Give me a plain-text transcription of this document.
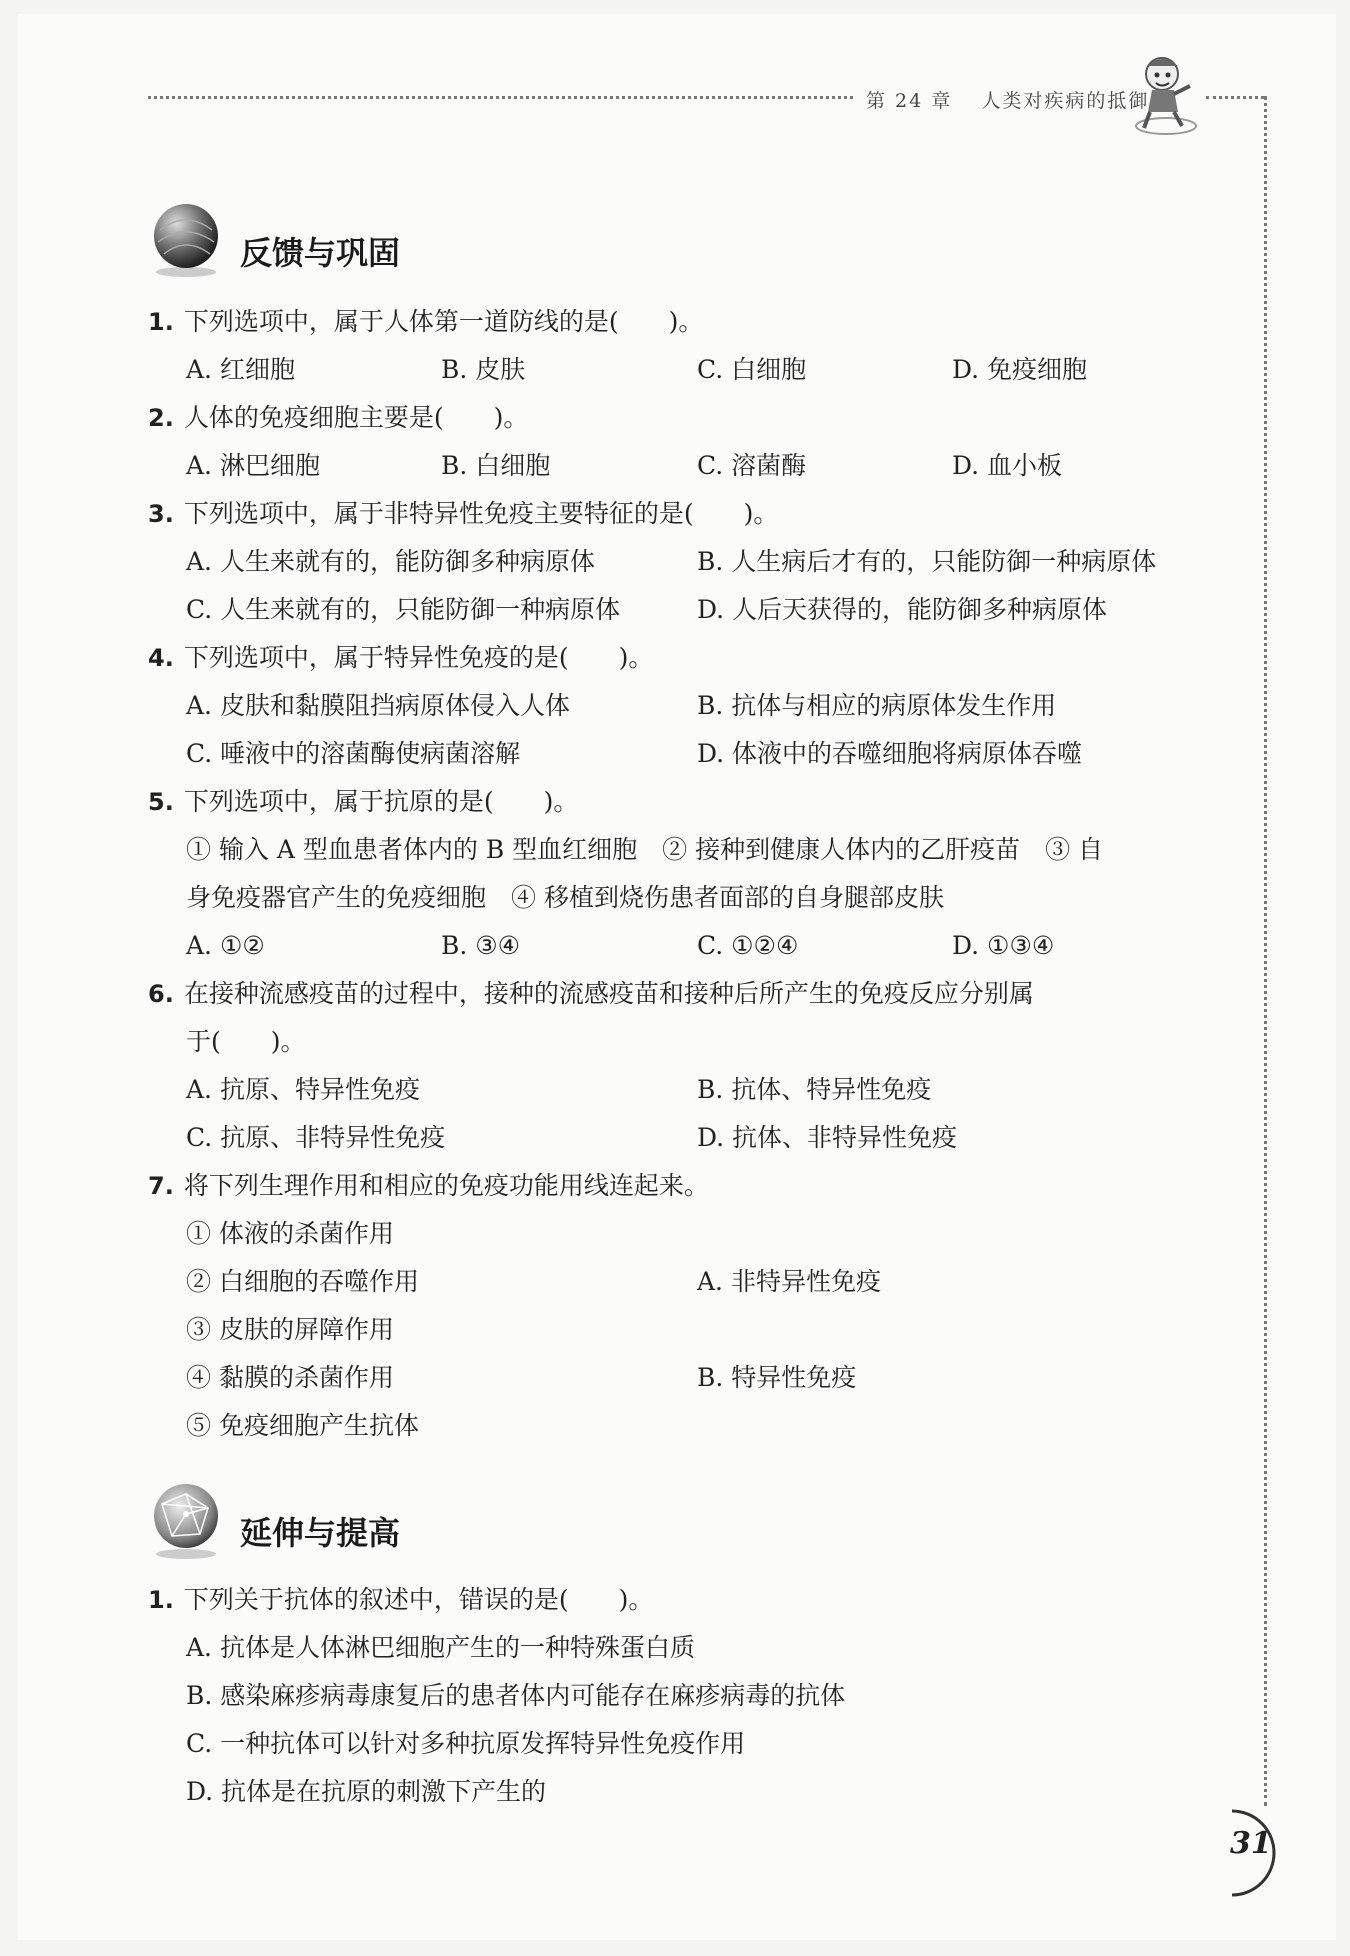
第 24 章　 人类对疾病的抵御
反馈与巩固
1. 下列选项中，属于人体第一道防线的是(　　)。
A. 红细胞	B. 皮肤	C. 白细胞	D. 免疫细胞
2. 人体的免疫细胞主要是(　　)。
A. 淋巴细胞	B. 白细胞	C. 溶菌酶	D. 血小板
3. 下列选项中，属于非特异性免疫主要特征的是(　　)。
A. 人生来就有的，能防御多种病原体	B. 人生病后才有的，只能防御一种病原体
C. 人生来就有的，只能防御一种病原体	D. 人后天获得的，能防御多种病原体
4. 下列选项中，属于特异性免疫的是(　　)。
A. 皮肤和黏膜阻挡病原体侵入人体	B. 抗体与相应的病原体发生作用
C. 唾液中的溶菌酶使病菌溶解	D. 体液中的吞噬细胞将病原体吞噬
5. 下列选项中，属于抗原的是(　　)。
① 输入 A 型血患者体内的 B 型血红细胞　② 接种到健康人体内的乙肝疫苗　③ 自
身免疫器官产生的免疫细胞　④ 移植到烧伤患者面部的自身腿部皮肤
A. ①②	B. ③④	C. ①②④	D. ①③④
6. 在接种流感疫苗的过程中，接种的流感疫苗和接种后所产生的免疫反应分别属
于(　　)。
A. 抗原、特异性免疫	B. 抗体、特异性免疫
C. 抗原、非特异性免疫	D. 抗体、非特异性免疫
7. 将下列生理作用和相应的免疫功能用线连起来。
① 体液的杀菌作用
② 白细胞的吞噬作用
③ 皮肤的屏障作用
④ 黏膜的杀菌作用
⑤ 免疫细胞产生抗体
A. 非特异性免疫
B. 特异性免疫
延伸与提高
1. 下列关于抗体的叙述中，错误的是(　　)。
A. 抗体是人体淋巴细胞产生的一种特殊蛋白质
B. 感染麻疹病毒康复后的患者体内可能存在麻疹病毒的抗体
C. 一种抗体可以针对多种抗原发挥特异性免疫作用
D. 抗体是在抗原的刺激下产生的
31
